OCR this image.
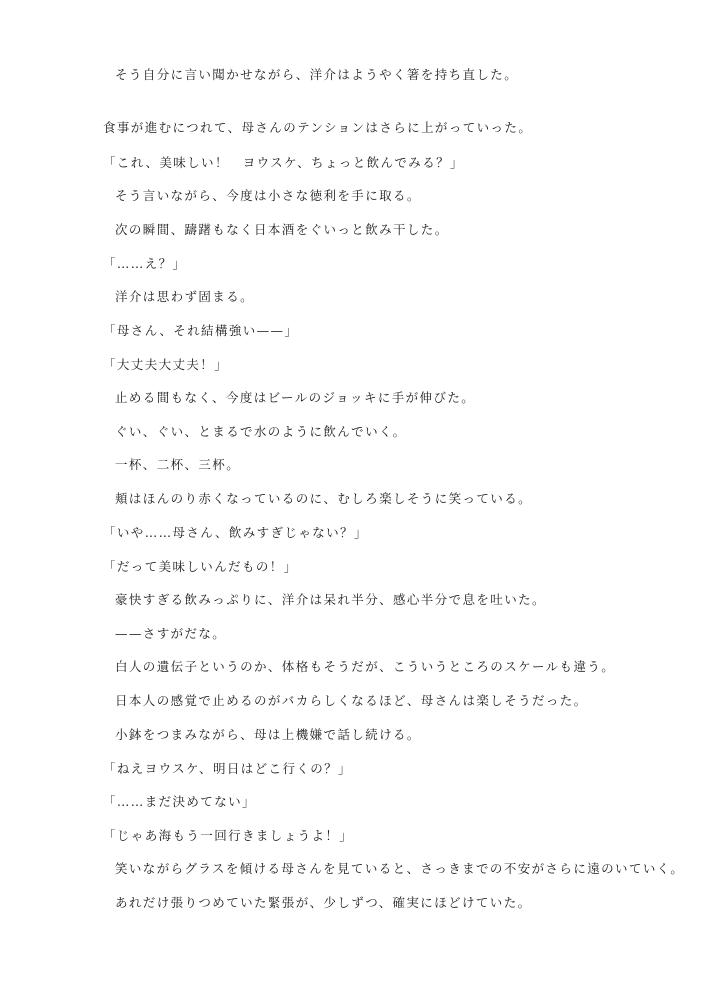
そう自分に言い聞かせながら、洋介はようやく箸を持ち直した。

食事が進むにつれて、母さんのテンションはさらに上がっていった。

「これ、美味しい！　ヨウスケ、ちょっと飲んでみる？」

そう言いながら、今度は小さな徳利を手に取る。

次の瞬間、躊躇もなく日本酒をぐいっと飲み干した。

「……え？」

洋介は思わず固まる。

「母さん、それ結構強い——」

「大丈夫大丈夫！」

止める間もなく、今度はビールのジョッキに手が伸びた。

ぐい、ぐい、とまるで水のように飲んでいく。

一杯、二杯、三杯。

頬はほんのり赤くなっているのに、むしろ楽しそうに笑っている。

「いや……母さん、飲みすぎじゃない？」

「だって美味しいんだもの！」

豪快すぎる飲みっぷりに、洋介は呆れ半分、感心半分で息を吐いた。

——さすがだな。

白人の遺伝子というのか、体格もそうだが、こういうところのスケールも違う。

日本人の感覚で止めるのがバカらしくなるほど、母さんは楽しそうだった。

小鉢をつまみながら、母は上機嫌で話し続ける。

「ねえヨウスケ、明日はどこ行くの？」

「……まだ決めてない」

「じゃあ海もう一回行きましょうよ！」

笑いながらグラスを傾ける母さんを見ていると、さっきまでの不安がさらに遠のいていく。

あれだけ張りつめていた緊張が、少しずつ、確実にほどけていた。
